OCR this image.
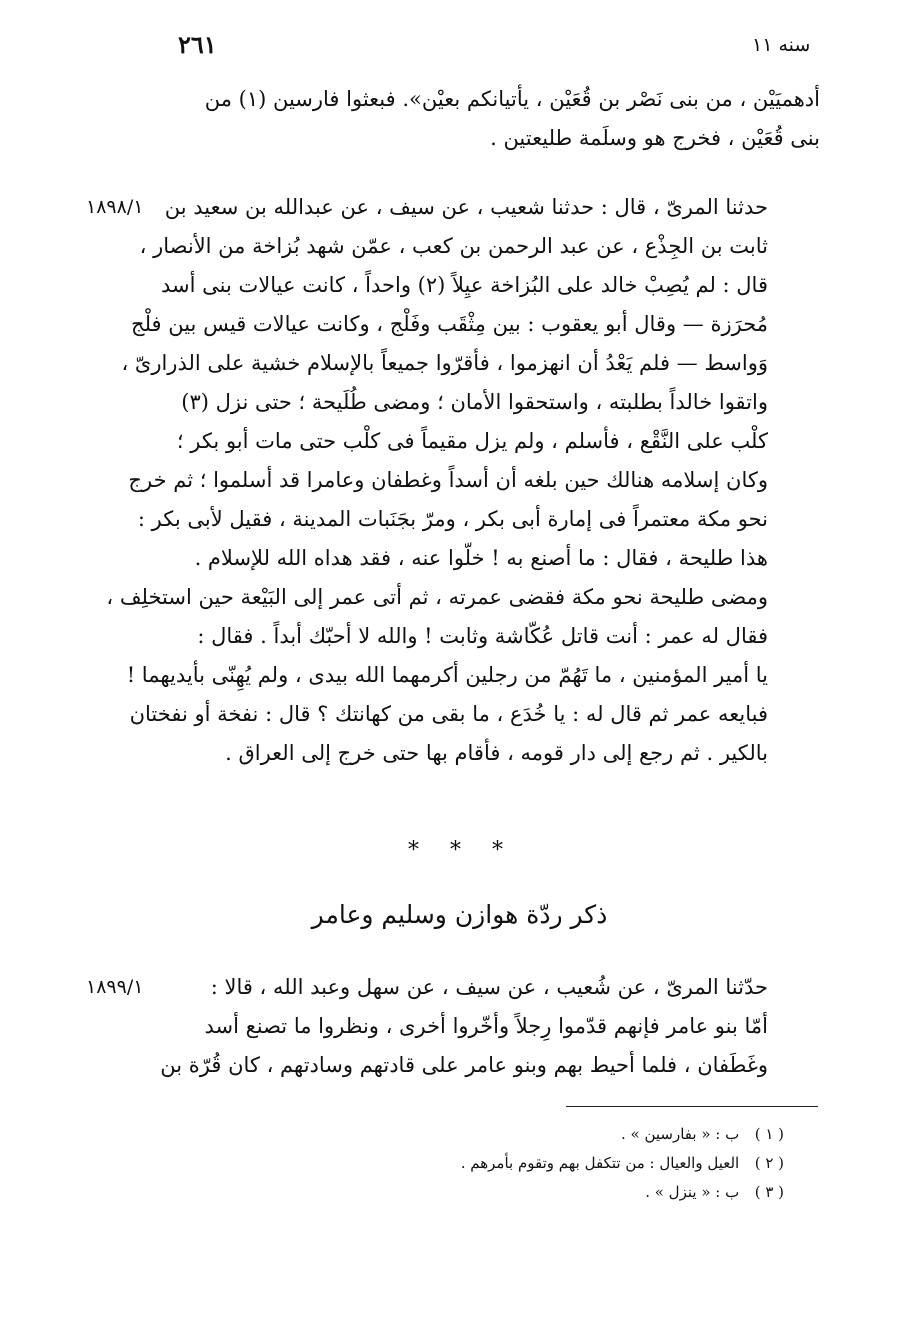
٢٦١	سنه ١١
أدهميَيْن ، من بنى نَصْر بن قُعَيْن ، يأتيانكم بعيْن». فبعثوا فارسين (١) من
بنى قُعَيْن ، فخرج هو وسلَمة طليعتين .
١٨٩٨/١ حدثنا المرىّ ، قال : حدثنا شعيب ، عن سيف ، عن عبدالله بن سعيد بن
ثابت بن الجِذْع ، عن عبد الرحمن بن كعب ، عمّن شهد بُزاخة من الأنصار ،
قال : لم يُصِبْ خالد على البُزاخة عيِلاً (٢) واحداً ، كانت عيالات بنى أسد
مُحرَزة — وقال أبو يعقوب : بين مِثْقَب وفَلْج ، وكانت عيالات قيس بين فلْج
وَواسط — فلم يَعْدُ أن انهزموا ، فأقرّوا جميعاً بالإسلام خشية على الذرارىّ ،
واتقوا خالداً بطلبته ، واستحقوا الأمان ؛ ومضى طُلَيحة ؛ حتى نزل (٣)
كلْب على النَّقْع ، فأسلم ، ولم يزل مقيماً فى كلْب حتى مات أبو بكر ؛
وكان إسلامه هنالك حين بلغه أن أسداً وغطفان وعامرا قد أسلموا ؛ ثم خرج
نحو مكة معتمراً فى إمارة أبى بكر ، ومرّ بجَنَبات المدينة ، فقيل لأبى بكر :
هذا طليحة ، فقال : ما أصنع به ! خلّوا عنه ، فقد هداه الله للإسلام .
ومضى طليحة نحو مكة فقضى عمرته ، ثم أتى عمر إلى البَيْعة حين استخلِف ،
فقال له عمر : أنت قاتل عُكّاشة وثابت ! والله لا أحبّك أبداً . فقال :
يا أمير المؤمنين ، ما تَهُمّ من رجلين أكرمهما الله بيدى ، ولم يُهِنّى بأيديهما !
فبايعه عمر ثم قال له : يا خُدَع ، ما بقى من كهانتك ؟ قال : نفخة أو نفختان
بالكير . ثم رجع إلى دار قومه ، فأقام بها حتى خرج إلى العراق .
* * *
ذكر ردّة هوازن وسليم وعامر
١٨٩٩/١	حدّثنا المرىّ ، عن شُعيب ، عن سيف ، عن سهل وعبد الله ، قالا :
أمّا بنو عامر فإنهم قدّموا رِجلاً وأخّروا أخرى ، ونظروا ما تصنع أسد
وغَطَفان ، فلما أحيط بهم وبنو عامر على قادتهم وسادتهم ، كان قُرّة بن
( ١ ) ب : « بفارسين » .
( ٢ ) العيل والعيال : من تتكفل بهم وتقوم بأمرهم .
( ٣ ) ب : « ينزل » .
